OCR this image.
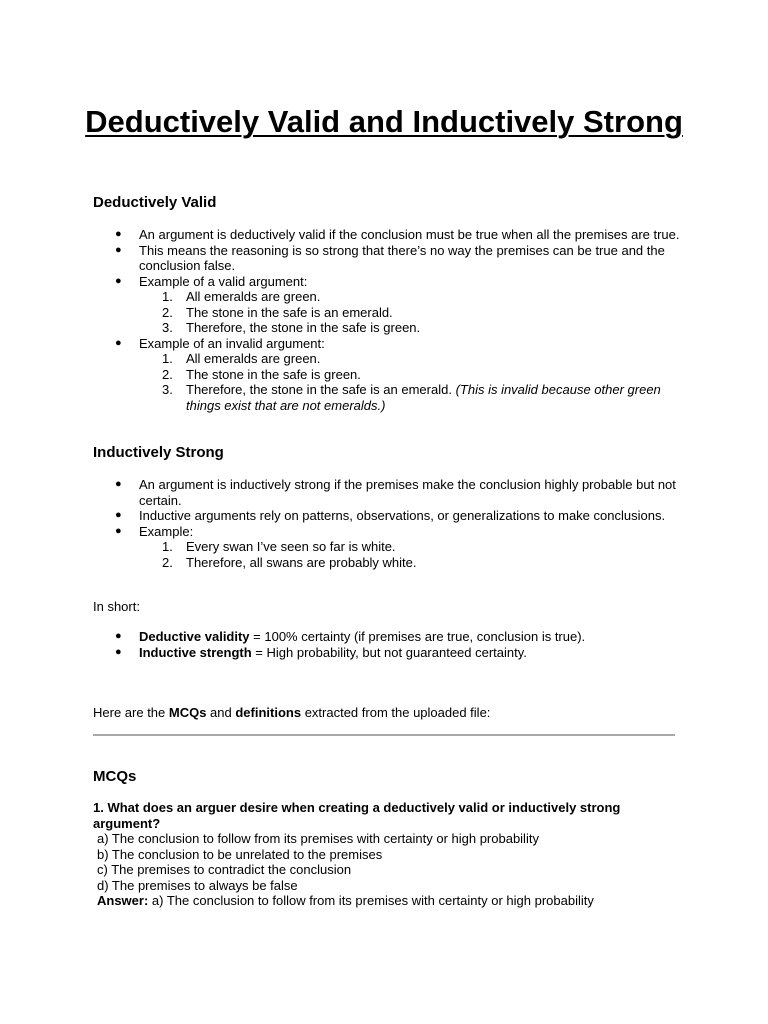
Deductively Valid and Inductively Strong
Deductively Valid
● An argument is deductively valid if the conclusion must be true when all the premises are true.
● This means the reasoning is so strong that there’s no way the premises can be true and the conclusion false.
● Example of a valid argument:
1. All emeralds are green.
2. The stone in the safe is an emerald.
3. Therefore, the stone in the safe is green.
● Example of an invalid argument:
1. All emeralds are green.
2. The stone in the safe is green.
3. Therefore, the stone in the safe is an emerald. (This is invalid because other green things exist that are not emeralds.)
Inductively Strong
● An argument is inductively strong if the premises make the conclusion highly probable but not certain.
● Inductive arguments rely on patterns, observations, or generalizations to make conclusions.
● Example:
1. Every swan I’ve seen so far is white.
2. Therefore, all swans are probably white.
In short:
● Deductive validity = 100% certainty (if premises are true, conclusion is true).
● Inductive strength = High probability, but not guaranteed certainty.
Here are the MCQs and definitions extracted from the uploaded file:
MCQs
1. What does an arguer desire when creating a deductively valid or inductively strong argument?
a) The conclusion to follow from its premises with certainty or high probability
b) The conclusion to be unrelated to the premises
c) The premises to contradict the conclusion
d) The premises to always be false
Answer: a) The conclusion to follow from its premises with certainty or high probability
